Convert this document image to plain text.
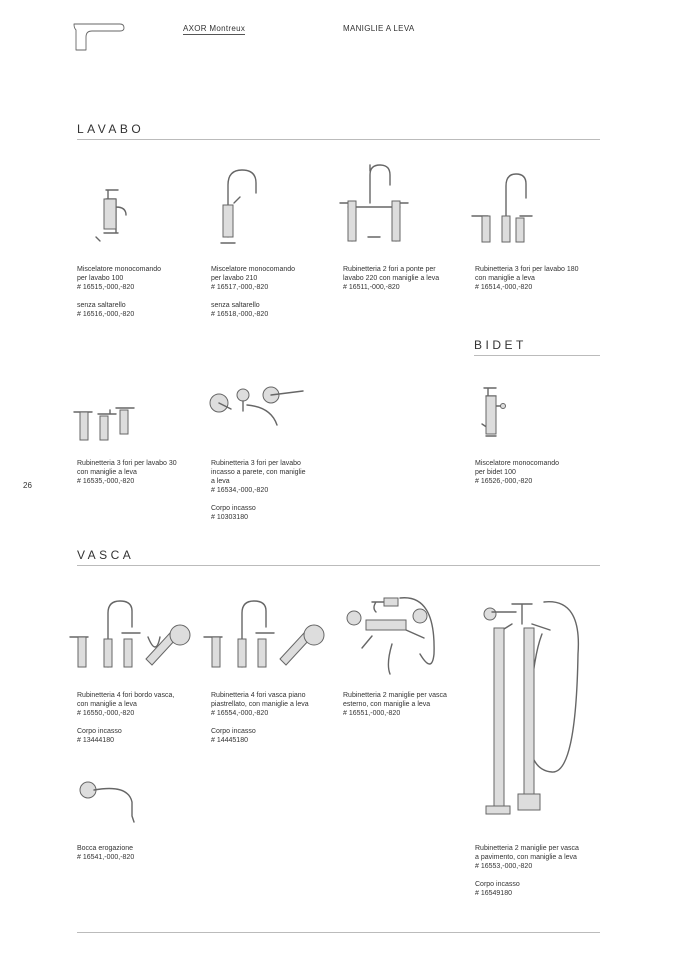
AXOR Montreux	MANIGLIE A LEVA
LAVABO
Miscelatore monocomando
per lavabo 100
# 16515,-000,-820
senza saltarello
# 16516,-000,-820
Miscelatore monocomando
per lavabo 210
# 16517,-000,-820
senza saltarello
# 16518,-000,-820
Rubinetteria 2 fori a ponte per
lavabo 220 con maniglie a leva
# 16511,-000,-820
Rubinetteria 3 fori per lavabo 180
con maniglie a leva
# 16514,-000,-820
BIDET
Rubinetteria 3 fori per lavabo 30
con maniglie a leva
# 16535,-000,-820
Rubinetteria 3 fori per lavabo
incasso a parete, con maniglie
a leva
# 16534,-000,-820
Corpo incasso
# 10303180
Miscelatore monocomando
per bidet 100
# 16526,-000,-820
26
VASCA
Rubinetteria 4 fori bordo vasca,
con maniglie a leva
# 16550,-000,-820
Corpo incasso
# 13444180
Rubinetteria 4 fori vasca piano
piastrellato, con maniglie a leva
# 16554,-000,-820
Corpo incasso
# 14445180
Rubinetteria 2 maniglie per vasca
esterno, con maniglie a leva
# 16551,-000,-820
Bocca erogazione
# 16541,-000,-820
Rubinetteria 2 maniglie per vasca
a pavimento, con maniglie a leva
# 16553,-000,-820
Corpo incasso
# 16549180
